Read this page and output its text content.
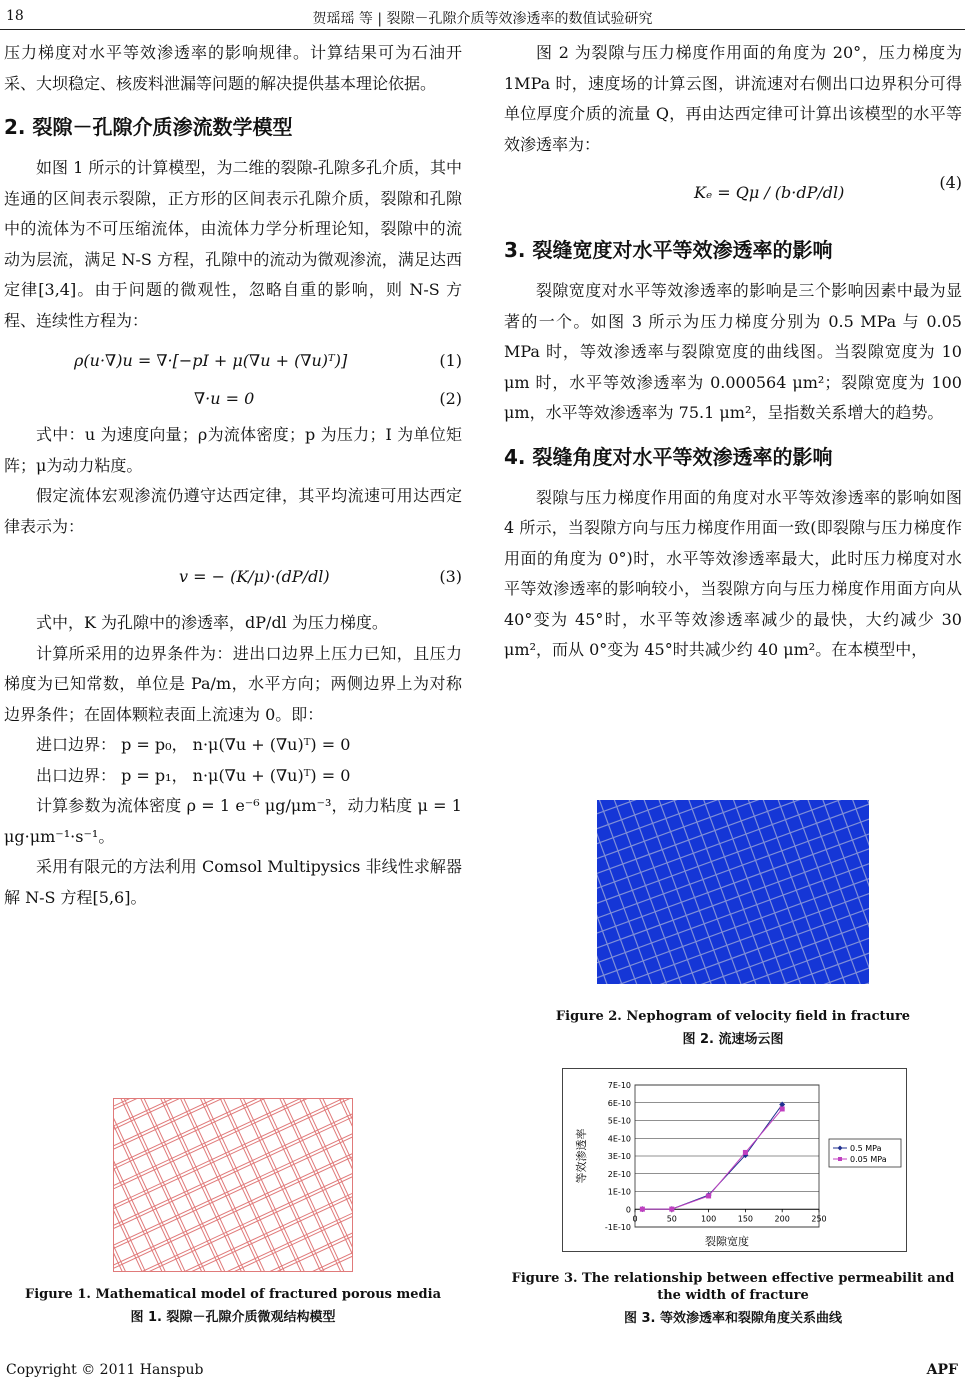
18	贺瑶瑶 等 | 裂隙－孔隙介质等效渗透率的数值试验研究

压力梯度对水平等效渗透率的影响规律。计算结果可为石油开采、大坝稳定、核废料泄漏等问题的解决提供基本理论依据。

2. 裂隙－孔隙介质渗流数学模型

如图 1 所示的计算模型，为二维的裂隙-孔隙多孔介质，其中连通的区间表示裂隙，正方形的区间表示孔隙介质，裂隙和孔隙中的流体为不可压缩流体，由流体力学分析理论知，裂隙中的流动为层流，满足 N-S 方程，孔隙中的流动为微观渗流，满足达西定律[3,4]。由于问题的微观性，忽略自重的影响，则 N-S 方程、连续性方程为：

ρ(u·∇)u = ∇·[−pI + μ(∇u + (∇u)ᵀ)]	(1)
∇·u = 0	(2)

式中：u 为速度向量；ρ为流体密度；p 为压力；I 为单位矩阵；μ为动力粘度。

假定流体宏观渗流仍遵守达西定律，其平均流速可用达西定律表示为：

v = − (K/μ)·(dP/dl)	(3)

式中，K 为孔隙中的渗透率，dP/dl 为压力梯度。

计算所采用的边界条件为：进出口边界上压力已知，且压力梯度为已知常数，单位是 Pa/m，水平方向；两侧边界上为对称边界条件；在固体颗粒表面上流速为 0。即：

进口边界： p = p₀， n·μ(∇u + (∇u)ᵀ) = 0

出口边界： p = p₁， n·μ(∇u + (∇u)ᵀ) = 0

计算参数为流体密度 ρ = 1 e⁻⁶ μg/μm⁻³，动力粘度 μ = 1 μg·μm⁻¹·s⁻¹。

采用有限元的方法利用 Comsol Multipysics 非线性求解器解 N-S 方程[5,6]。

Figure 1. Mathematical model of fractured porous media
图 1. 裂隙－孔隙介质微观结构模型

图 2 为裂隙与压力梯度作用面的角度为 20°，压力梯度为 1MPa 时，速度场的计算云图，讲流速对右侧出口边界积分可得单位厚度介质的流量 Q，再由达西定律可计算出该模型的水平等效渗透率为：

Kₑ = Qμ / (b·dP/dl)
(4)
3. 裂缝宽度对水平等效渗透率的影响

裂隙宽度对水平等效渗透率的影响是三个影响因素中最为显著的一个。如图 3 所示为压力梯度分别为 0.5 MPa 与 0.05 MPa 时，等效渗透率与裂隙宽度的曲线图。当裂隙宽度为 10 μm 时，水平等效渗透率为 0.000564 μm²；裂隙宽度为 100 μm，水平等效渗透率为 75.1 μm²，呈指数关系增大的趋势。

4. 裂缝角度对水平等效渗透率的影响

裂隙与压力梯度作用面的角度对水平等效渗透率的影响如图 4 所示，当裂隙方向与压力梯度作用面一致(即裂隙与压力梯度作用面的角度为 0°)时，水平等效渗透率最大，此时压力梯度对水平等效渗透率的影响较小，当裂隙方向与压力梯度作用面方向从 40°变为 45°时，水平等效渗透率减少的最快，大约减少 30 μm²，而从 0°变为 45°时共减少约 40 μm²。在本模型中，

Figure 2. Nephogram of velocity field in fracture
图 2. 流速场云图
7E-10
6E-10
5E-10
4E-10
3E-10
2E-10
1E-10
0
-1E-10
0	50	100	150	200	250
裂隙宽度
等效渗透率	0.5 MPa
0.05 MPa
Figure 3. The relationship between effective permeabilit and the width of fracture
图 3. 等效渗透率和裂隙角度关系曲线
Copyright © 2011 Hanspub	APF
